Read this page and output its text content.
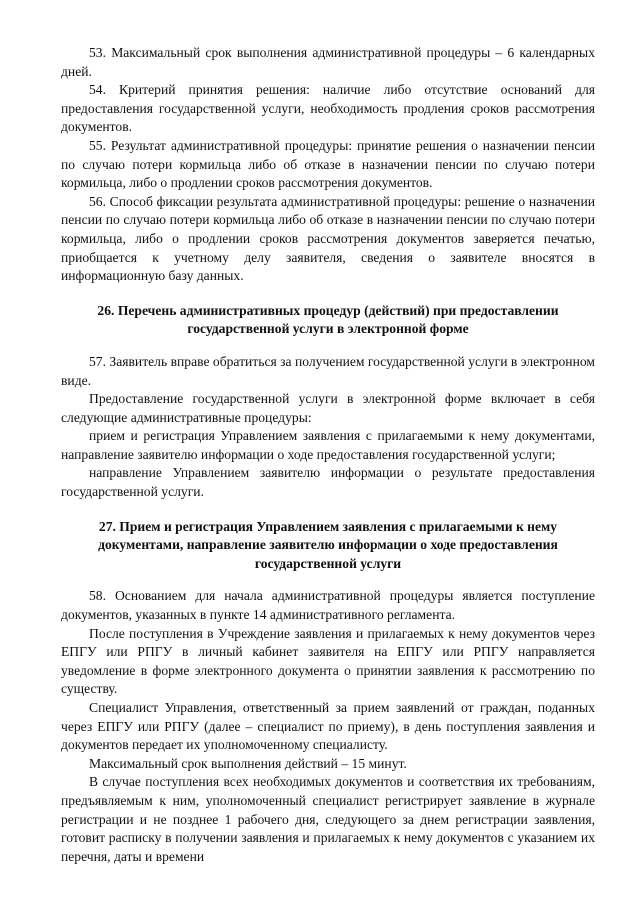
53. Максимальный срок выполнения административной процедуры – 6 календарных дней.

54. Критерий принятия решения: наличие либо отсутствие оснований для предоставления государственной услуги, необходимость продления сроков рассмотрения документов.

55. Результат административной процедуры: принятие решения о назначении пенсии по случаю потери кормильца либо об отказе в назначении пенсии по случаю потери кормильца, либо о продлении сроков рассмотрения документов.

56. Способ фиксации результата административной процедуры: решение о назначении пенсии по случаю потери кормильца либо об отказе в назначении пенсии по случаю потери кормильца, либо о продлении сроков рассмотрения документов заверяется печатью, приобщается к учетному делу заявителя, сведения о заявителе вносятся в информационную базу данных.

26. Перечень административных процедур (действий) при предоставлении государственной услуги в электронной форме

57. Заявитель вправе обратиться за получением государственной услуги в электронном виде.

Предоставление государственной услуги в электронной форме включает в себя следующие административные процедуры:

прием и регистрация Управлением заявления с прилагаемыми к нему документами, направление заявителю информации о ходе предоставления государственной услуги;

направление Управлением заявителю информации о результате предоставления государственной услуги.

27. Прием и регистрация Управлением заявления с прилагаемыми к нему документами, направление заявителю информации о ходе предоставления государственной услуги

58. Основанием для начала административной процедуры является поступление документов, указанных в пункте 14 административного регламента.

После поступления в Учреждение заявления и прилагаемых к нему документов через ЕПГУ или РПГУ в личный кабинет заявителя на ЕПГУ или РПГУ направляется уведомление в форме электронного документа о принятии заявления к рассмотрению по существу.

Специалист Управления, ответственный за прием заявлений от граждан, поданных через ЕПГУ или РПГУ (далее – специалист по приему), в день поступления заявления и документов передает их уполномоченному специалисту.

Максимальный срок выполнения действий – 15 минут.

В случае поступления всех необходимых документов и соответствия их требованиям, предъявляемым к ним, уполномоченный специалист регистрирует заявление в журнале регистрации и не позднее 1 рабочего дня, следующего за днем регистрации заявления, готовит расписку в получении заявления и прилагаемых к нему документов с указанием их перечня, даты и времени
